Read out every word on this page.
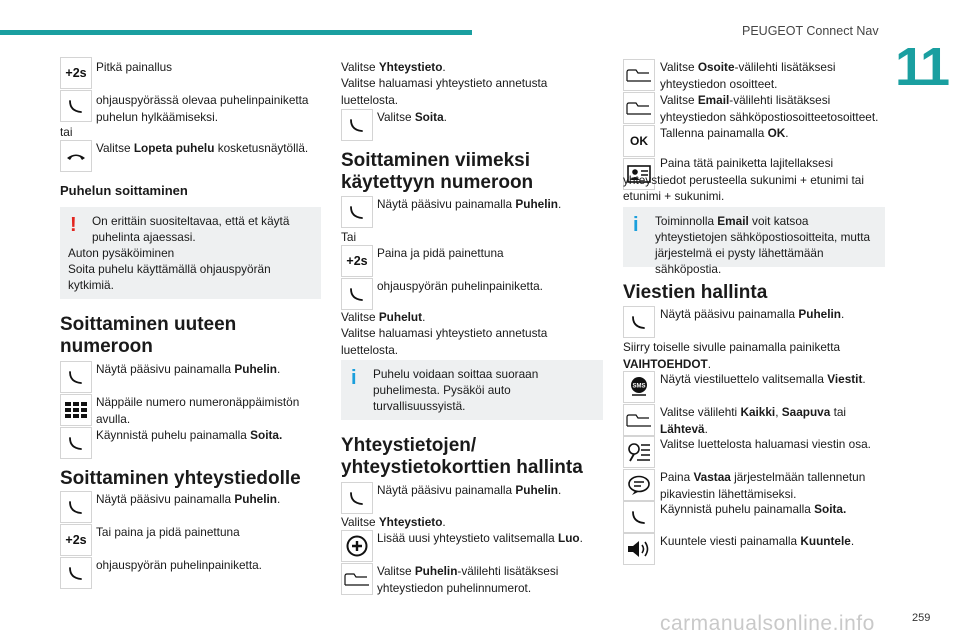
PEUGEOT Connect Nav
11
+2s Pitkä painallus
ohjauspyörässä olevaa puhelinpainiketta puhelun hylkäämiseksi.
tai
Valitse Lopeta puhelu kosketusnäytöllä.
Puhelun soittaminen
! On erittäin suositeltavaa, että et käytä puhelinta ajaessasi.
Auton pysäköiminen
Soita puhelu käyttämällä ohjauspyörän kytkimiä.
Soittaminen uuteen numeroon
Näytä pääsivu painamalla Puhelin.
Näppäile numero numeronäppäimistön avulla.
Käynnistä puhelu painamalla Soita.
Soittaminen yhteystiedolle
Näytä pääsivu painamalla Puhelin.
+2s
Tai paina ja pidä painettuna
ohjauspyörän puhelinpainiketta.
Valitse Yhteystieto.
Valitse haluamasi yhteystieto annetusta luettelosta.
Valitse Soita.
Soittaminen viimeksi käytettyyn numeroon
Näytä pääsivu painamalla Puhelin.
Tai
+2s
Paina ja pidä painettuna
ohjauspyörän puhelinpainiketta.
Valitse Puhelut.
Valitse haluamasi yhteystieto annetusta luettelosta.
i Puhelu voidaan soittaa suoraan puhelimesta. Pysäköi auto turvallisuussyistä.
Yhteystietojen/ yhteystietokorttien hallinta
Näytä pääsivu painamalla Puhelin.
Valitse Yhteystieto.
Lisää uusi yhteystieto valitsemalla Luo.
Valitse Puhelin-välilehti lisätäksesi yhteystiedon puhelinnumerot.
Valitse Osoite-välilehti lisätäksesi yhteystiedon osoitteet.
Valitse Email-välilehti lisätäksesi yhteystiedon sähköpostiosoitteetosoitteet.
OK
Tallenna painamalla OK.
Paina tätä painiketta lajitellaksesi yhteystiedot perusteella sukunimi + etunimi tai etunimi + sukunimi.
i Toiminnolla Email voit katsoa yhteystietojen sähköpostiosoitteita, mutta järjestelmä ei pysty lähettämään sähköpostia.
Viestien hallinta
Näytä pääsivu painamalla Puhelin.
Siirry toiselle sivulle painamalla painiketta VAIHTOEHDOT.
SMS
Näytä viestiluettelo valitsemalla Viestit.
Valitse välilehti Kaikki, Saapuva tai Lähtevä.
Valitse luettelosta haluamasi viestin osa.
Paina Vastaa järjestelmään tallennetun pikaviestin lähettämiseksi.
Käynnistä puhelu painamalla Soita.
Kuuntele viesti painamalla Kuuntele.
carmanualsonline.info	259
